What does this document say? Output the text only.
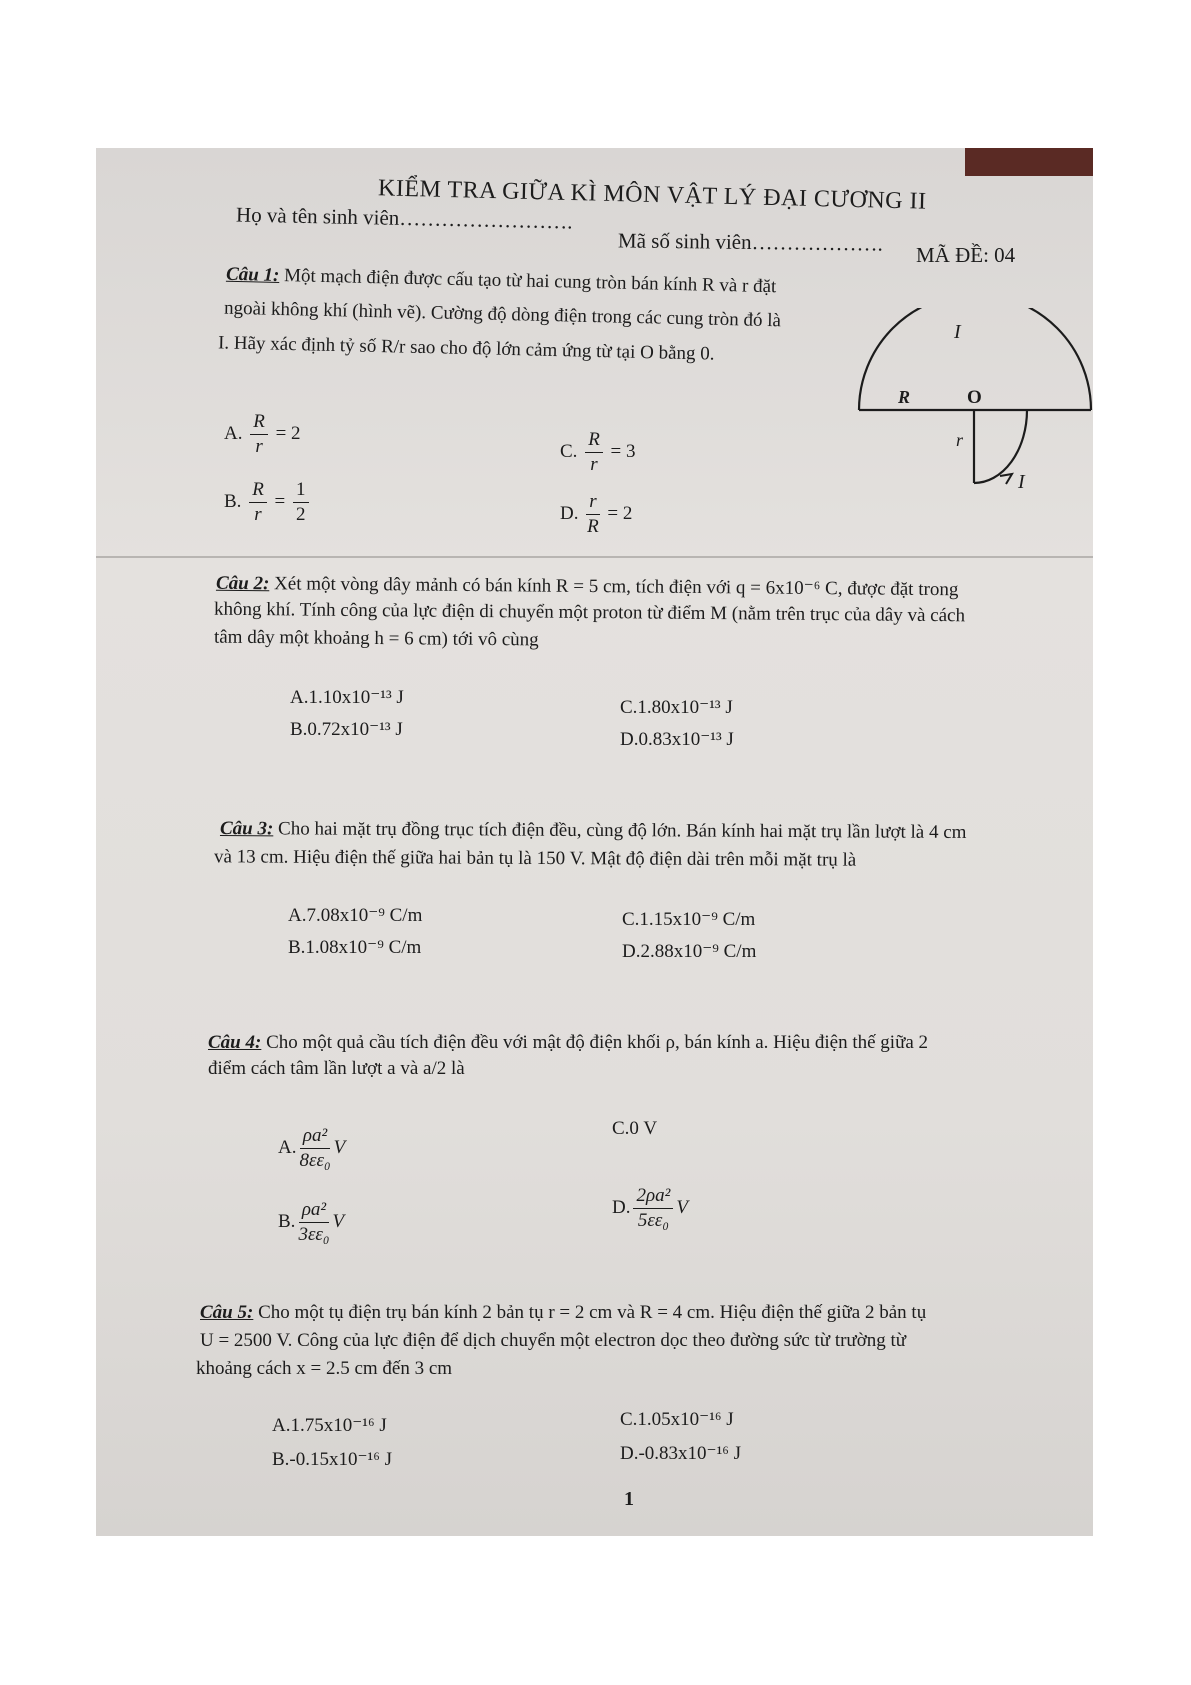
KIỂM TRA GIỮA KÌ MÔN VẬT LÝ ĐẠI CƯƠNG II
Họ và tên sinh viên…………………….
Mã số sinh viên………………. MÃ ĐỀ: 04
Câu 1: Một mạch điện được cấu tạo từ hai cung tròn bán kính R và r đặt
ngoài không khí (hình vẽ). Cường độ dòng điện trong các cung tròn đó là
I. Hãy xác định tỷ số R/r sao cho độ lớn cảm ứng từ tại O bằng 0.
A. $\frac{R}{r} = 2$
B. $\frac{R}{r} = \frac{1}{2}$
C. $\frac{R}{r} = 3$
D. $\frac{r}{R} = 2$
I
R	O
r
I
Câu 2: Xét một vòng dây mảnh có bán kính R = 5 cm, tích điện với q = 6x10⁻⁶ C, được đặt trong
không khí. Tính công của lực điện di chuyển một proton từ điểm M (nằm trên trục của dây và cách
tâm dây một khoảng h = 6 cm) tới vô cùng
A.1.10x10⁻¹³ J
B.0.72x10⁻¹³ J
C.1.80x10⁻¹³ J
D.0.83x10⁻¹³ J
Câu 3: Cho hai mặt trụ đồng trục tích điện đều, cùng độ lớn. Bán kính hai mặt trụ lần lượt là 4 cm
và 13 cm. Hiệu điện thế giữa hai bản tụ là 150 V. Mật độ điện dài trên mỗi mặt trụ là
A.7.08x10⁻⁹ C/m
B.1.08x10⁻⁹ C/m
C.1.15x10⁻⁹ C/m
D.2.88x10⁻⁹ C/m
Câu 4: Cho một quả cầu tích điện đều với mật độ điện khối ρ, bán kính a. Hiệu điện thế giữa 2
điểm cách tâm lần lượt a và a/2 là
A. $\frac{\text{ρa²}}{\text{8εε₀}}$ V
B. $\frac{\text{ρa²}}{\text{3εε₀}}$ V
C.0 V
D. $\frac{\text{2ρa²}}{\text{5εε₀}}$ V
Câu 5: Cho một tụ điện trụ bán kính 2 bản tụ r = 2 cm và R = 4 cm. Hiệu điện thế giữa 2 bản tụ
U = 2500 V. Công của lực điện để dịch chuyển một electron dọc theo đường sức từ trường từ
khoảng cách x = 2.5 cm đến 3 cm
A.1.75x10⁻¹⁶ J
B.-0.15x10⁻¹⁶ J
C.1.05x10⁻¹⁶ J
D.-0.83x10⁻¹⁶ J
1
